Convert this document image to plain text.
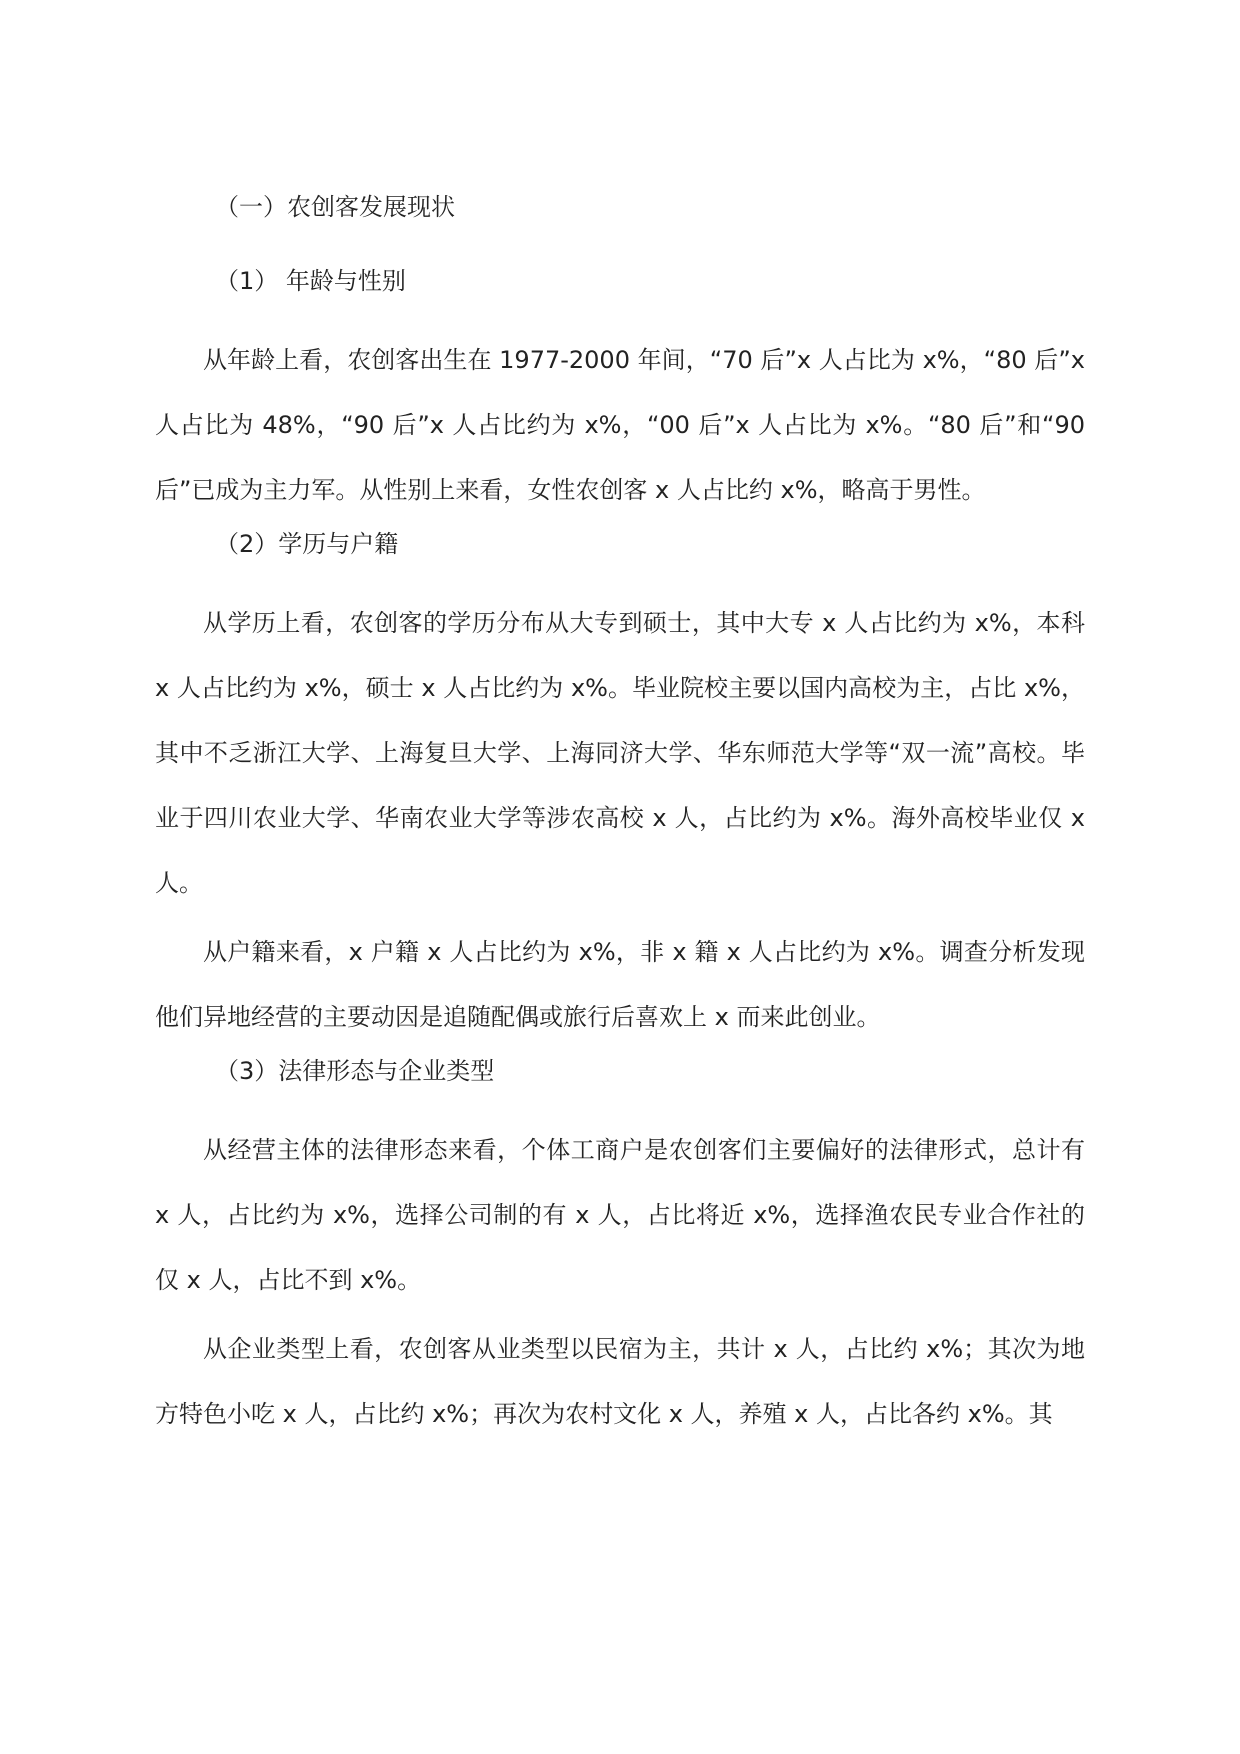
（一）农创客发展现状

（1） 年龄与性别

从年龄上看，农创客出生在 1977-2000 年间，“70 后”x 人占比为 x%，“80 后”x 人占比为 48%，“90 后”x 人占比约为 x%，“00 后”x 人占比为 x%。“80 后”和“90 后”已成为主力军。从性别上来看，女性农创客 x 人占比约 x%，略高于男性。

（2）学历与户籍

从学历上看，农创客的学历分布从大专到硕士，其中大专 x 人占比约为 x%，本科 x 人占比约为 x%，硕士 x 人占比约为 x%。毕业院校主要以国内高校为主，占比 x%，其中不乏浙江大学、上海复旦大学、上海同济大学、华东师范大学等“双一流”高校。毕业于四川农业大学、华南农业大学等涉农高校 x 人，占比约为 x%。海外高校毕业仅 x 人。

从户籍来看，x 户籍 x 人占比约为 x%，非 x 籍 x 人占比约为 x%。调查分析发现他们异地经营的主要动因是追随配偶或旅行后喜欢上 x 而来此创业。

（3）法律形态与企业类型

从经营主体的法律形态来看，个体工商户是农创客们主要偏好的法律形式，总计有 x 人，占比约为 x%，选择公司制的有 x 人，占比将近 x%，选择渔农民专业合作社的仅 x 人，占比不到 x%。

从企业类型上看，农创客从业类型以民宿为主，共计 x 人，占比约 x%；其次为地方特色小吃 x 人，占比约 x%；再次为农村文化 x 人，养殖 x 人，占比各约 x%。其
